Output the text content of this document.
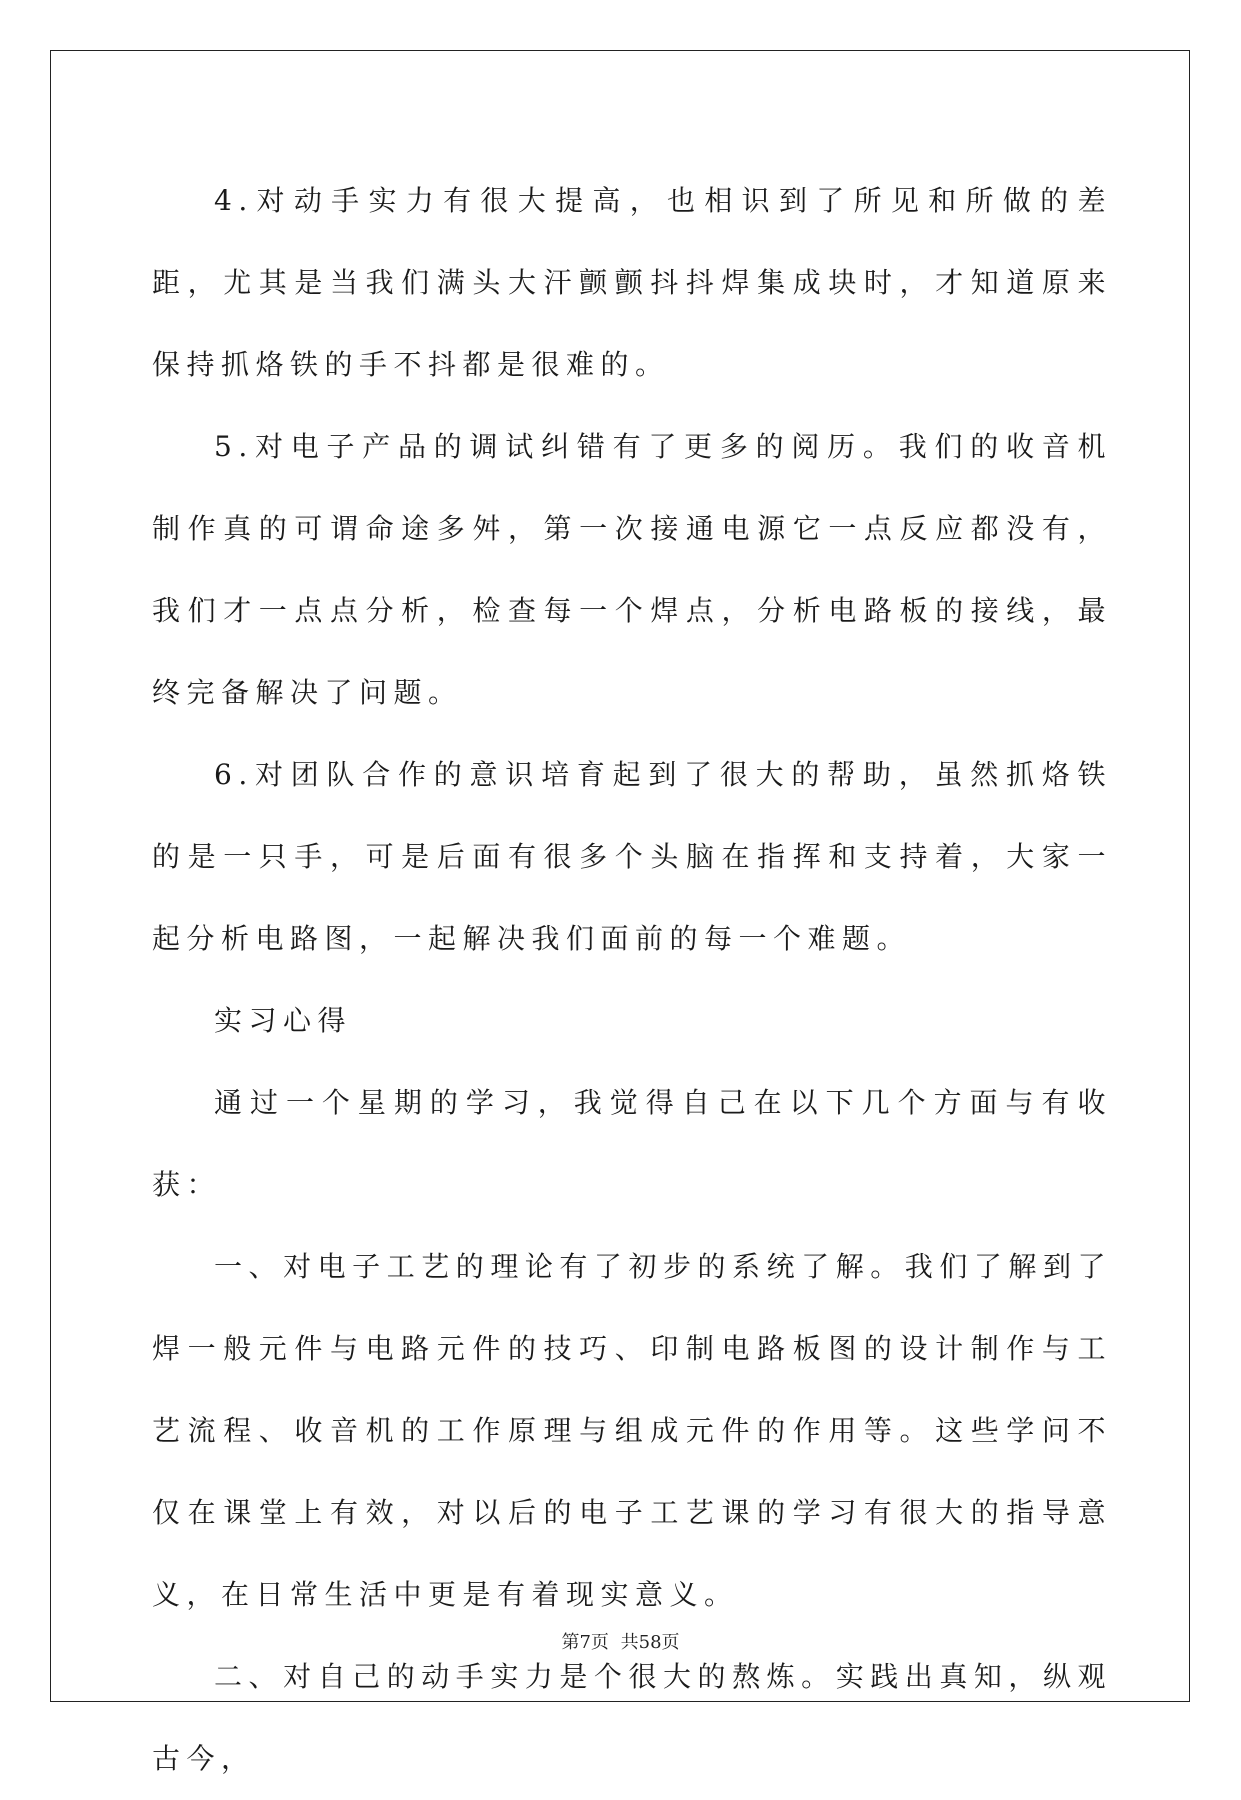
4.对动手实力有很大提高，也相识到了所见和所做的差距，尤其是当我们满头大汗颤颤抖抖焊集成块时，才知道原来保持抓烙铁的手不抖都是很难的。

5.对电子产品的调试纠错有了更多的阅历。我们的收音机制作真的可谓命途多舛，第一次接通电源它一点反应都没有，我们才一点点分析，检查每一个焊点，分析电路板的接线，最终完备解决了问题。

6.对团队合作的意识培育起到了很大的帮助，虽然抓烙铁的是一只手，可是后面有很多个头脑在指挥和支持着，大家一起分析电路图，一起解决我们面前的每一个难题。

实习心得

通过一个星期的学习，我觉得自己在以下几个方面与有收获：

一、对电子工艺的理论有了初步的系统了解。我们了解到了焊一般元件与电路元件的技巧、印制电路板图的设计制作与工艺流程、收音机的工作原理与组成元件的作用等。这些学问不仅在课堂上有效，对以后的电子工艺课的学习有很大的指导意义，在日常生活中更是有着现实意义。

二、对自己的动手实力是个很大的熬炼。实践出真知，纵观古今，

第7页 共58页
